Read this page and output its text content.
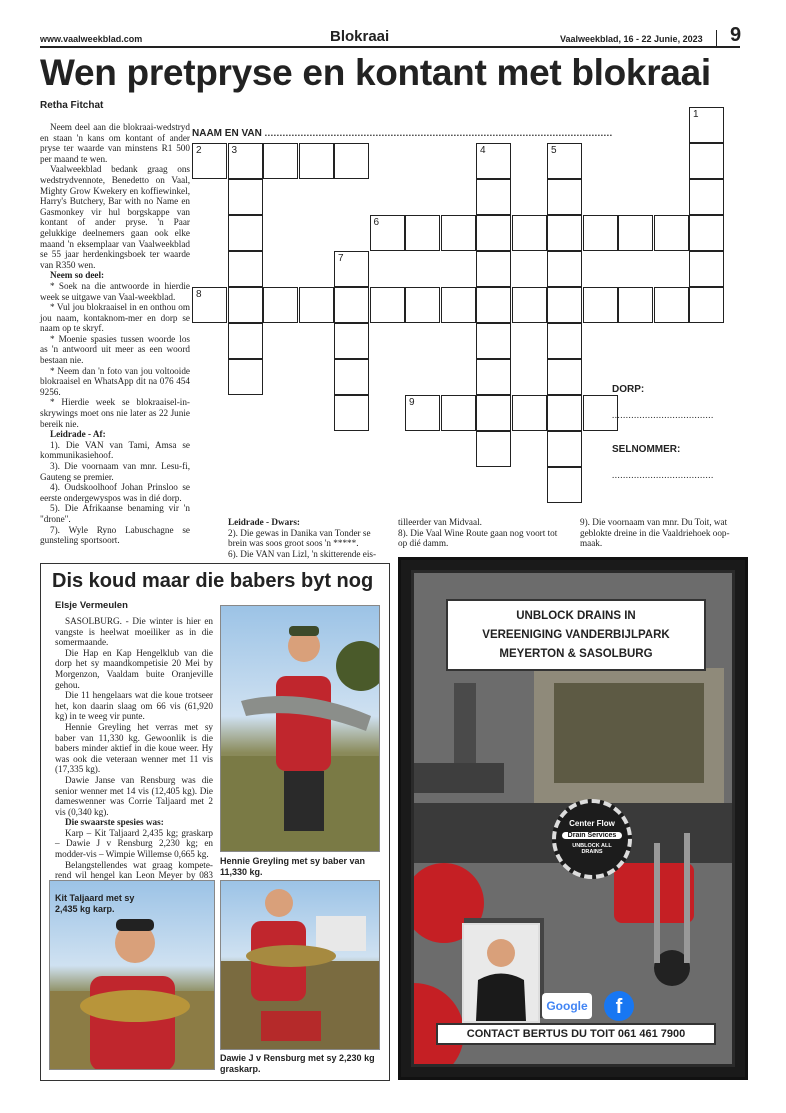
www.vaalweekblad.com	Blokraai	Vaalweekblad, 16 - 22 Junie, 2023 9
Wen pretpryse en kontant met blokraai
Retha Fitchat

Neem deel aan die blokraai-wedstryd en staan 'n kans om kontant of ander pryse ter waarde van minstens R1 500 per maand te wen.

Vaalweekblad bedank graag ons wedstrydvennote, Benedetto on Vaal, Mighty Grow Kwekery en koffiewinkel, Harry's Butchery, Bar with no Name en Gasmonkey vir hul borgskappe van kontant of ander pryse. 'n Paar gelukkige deelnemers gaan ook elke maand 'n eksemplaar van Vaalweekblad se 55 jaar herdenkingsboek ter waarde van R350 wen.

Neem so deel:

* Soek na die antwoorde in hierdie week se uitgawe van Vaal-weekblad.

* Vul jou blokraaisel in en onthou om jou naam, kontaknom-mer en dorp se naam op te skryf.

* Moenie spasies tussen woorde los as 'n antwoord uit meer as een woord bestaan nie.

* Neem dan 'n foto van jou voltooide blokraaisel en WhatsApp dit na 076 454 9256.

* Hierdie week se blokraaisel-in-skrywings moet ons nie later as 22 Junie bereik nie.

Leidrade - Af:

1). Die VAN van Tami, Amsa se kommunikasiehoof.

3). Die voornaam van mnr. Lesu-fi, Gauteng se premier.

4). Oudskoolhoof Johan Prinsloo se eerste ondergewyspos was in dié dorp.

5). Die Afrikaanse benaming vir 'n "drone".

7). Wyle Ryno Labuschagne se gunsteling sportsoort.

Leidrade - Dwars:
2). Die gewas in Danika van Tonder se brein was soos groot soos 'n *****.
6). Die VAN van Lizl, 'n skitterende eis-
tilleerder van Midvaal.
8). Die Vaal Wine Route gaan nog voort tot op dié damm.
9). Die voornaam van mnr. Du Toit, wat geblokte dreine in die Vaaldriehoek oop-maak.
NAAM EN VAN ....................................................................................................................
2	3
6
8
9
1
4	5
7
DORP:
.....................................
SELNOMMER:
.....................................
Dis koud maar die babers byt nog
Elsje Vermeulen

SASOLBURG. - Die winter is hier en vangste is heelwat moeiliker as in die somermaande.

Die Hap en Kap Hengelklub van die dorp het sy maandkompetisie 20 Mei by Morgenzon, Vaaldam buite Oranjeville gehou.

Die 11 hengelaars wat die koue trotseer het, kon daarin slaag om 66 vis (61,920 kg) in te weeg vir punte.

Hennie Greyling het verras met sy baber van 11,330 kg. Gewoonlik is die babers minder aktief in die koue weer. Hy was ook die veteraan wenner met 11 vis (17,335 kg).

Dawie Janse van Rensburg was die senior wenner met 14 vis (12,405 kg). Die dameswenner was Corrie Taljaard met 2 vis (0,340 kg).

Die swaarste spesies was:

Karp – Kit Taljaard 2,435 kg; graskarp – Dawie J v Rensburg 2,230 kg; en modder-vis – Wimpie Willemse 0,665 kg.

Belangstellendes wat graag kompete-rend wil hengel kan Leon Meyer by 083

Hennie Greyling met sy baber van 11,330 kg.
Kit Taljaard met sy 2,435 kg karp.
Dawie J v Rensburg met sy 2,230 kg graskarp.
UNBLOCK DRAINS IN
VEREENIGING VANDERBIJLPARK
MEYERTON & SASOLBURG
Center Flow
Drain Services
UNBLOCK ALL DRAINS
Google	f
CONTACT BERTUS DU TOIT 061 461 7900
